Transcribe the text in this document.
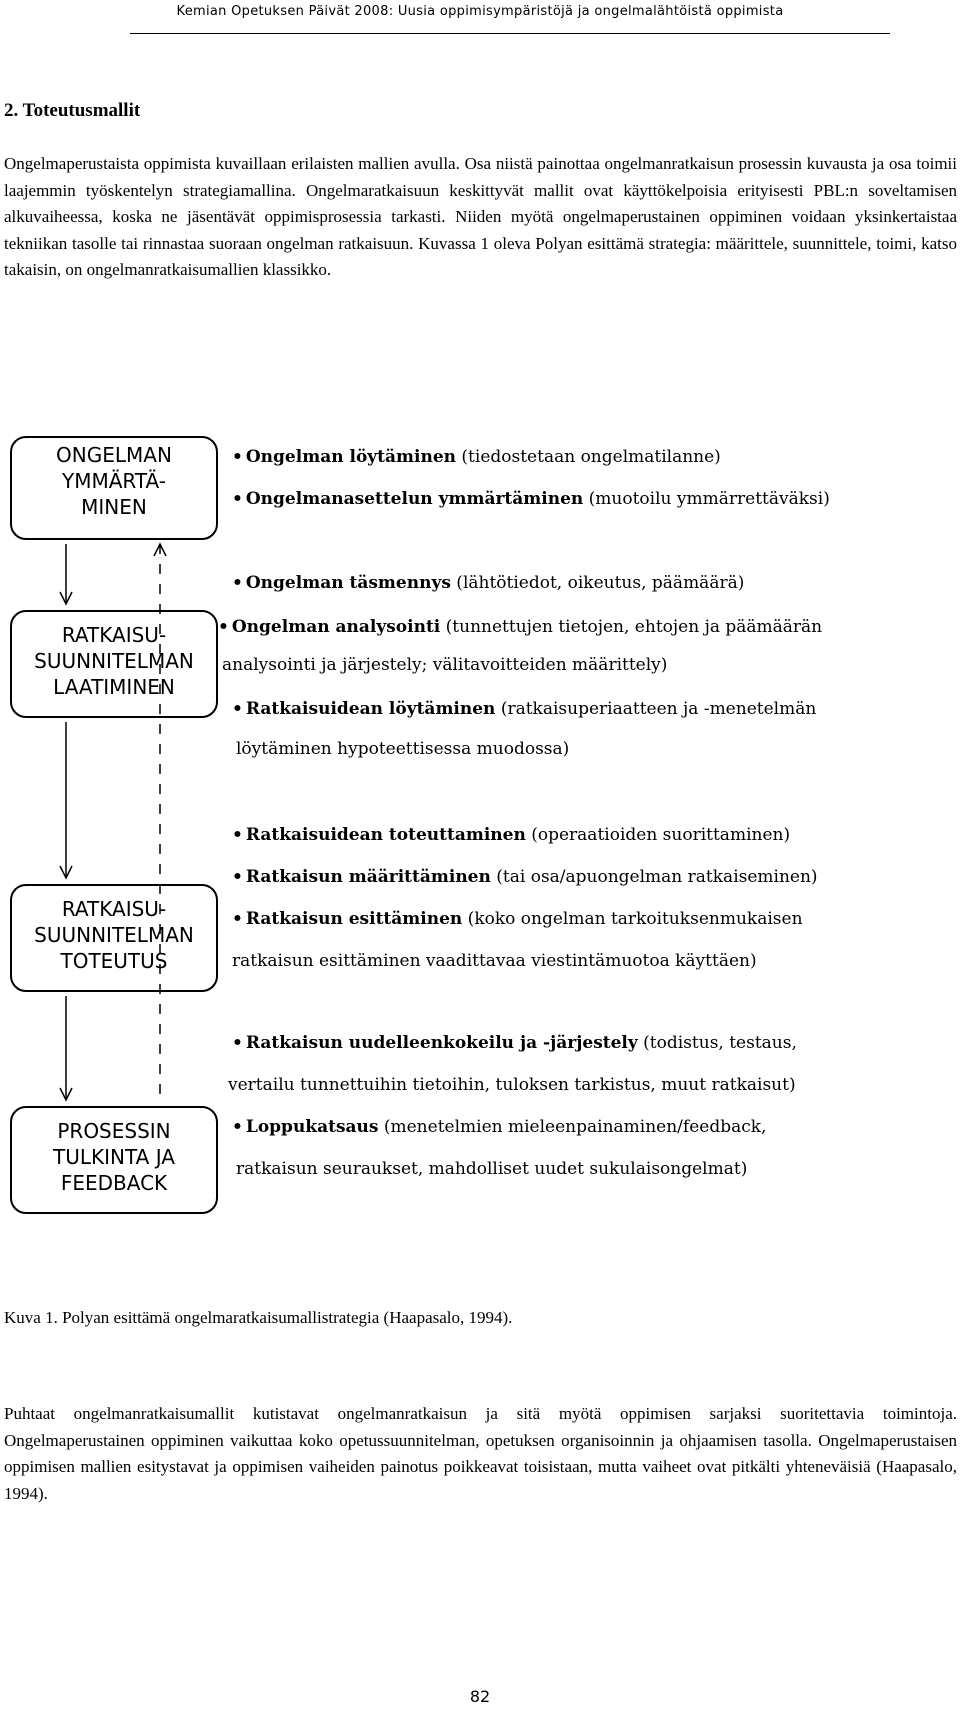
Kemian Opetuksen Päivät 2008: Uusia oppimisympäristöjä ja ongelmalähtöistä oppimista
2. Toteutusmallit
Ongelmaperustaista oppimista kuvaillaan erilaisten mallien avulla. Osa niistä painottaa ongelmanratkaisun prosessin kuvausta ja osa toimii laajemmin työskentelyn strategiamallina. Ongelmaratkaisuun keskittyvät mallit ovat käyttökelpoisia erityisesti PBL:n soveltamisen alkuvaiheessa, koska ne jäsentävät oppimisprosessia tarkasti. Niiden myötä ongelmaperustainen oppiminen voidaan yksinkertaistaa tekniikan tasolle tai rinnastaa suoraan ongelman ratkaisuun. Kuvassa 1 oleva Polyan esittämä strategia: määrittele, suunnittele, toimi, katso takaisin, on ongelmanratkaisumallien klassikko.
ONGELMAN
YMMÄRTÄ-
MINEN
RATKAISU-
SUUNNITELMAN
LAATIMINEN
RATKAISU-
SUUNNITELMAN
TOTEUTUS
PROSESSIN
TULKINTA JA
FEEDBACK
• Ongelman löytäminen (tiedostetaan ongelmatilanne)
• Ongelmanasettelun ymmärtäminen (muotoilu ymmärrettäväksi)
• Ongelman täsmennys (lähtötiedot, oikeutus, päämäärä)
• Ongelman analysointi (tunnettujen tietojen, ehtojen ja päämäärän
analysointi ja järjestely; välitavoitteiden määrittely)
• Ratkaisuidean löytäminen (ratkaisuperiaatteen ja -menetelmän
löytäminen hypoteettisessa muodossa)
• Ratkaisuidean toteuttaminen (operaatioiden suorittaminen)
• Ratkaisun määrittäminen (tai osa/apuongelman ratkaiseminen)
• Ratkaisun esittäminen (koko ongelman tarkoituksenmukaisen
ratkaisun esittäminen vaadittavaa viestintämuotoa käyttäen)
• Ratkaisun uudelleenkokeilu ja -järjestely (todistus, testaus,
vertailu tunnettuihin tietoihin, tuloksen tarkistus, muut ratkaisut)
• Loppukatsaus (menetelmien mieleenpainaminen/feedback,
ratkaisun seuraukset, mahdolliset uudet sukulaisongelmat)
Kuva 1. Polyan esittämä ongelmaratkaisumallistrategia (Haapasalo, 1994).
Puhtaat ongelmanratkaisumallit kutistavat ongelmanratkaisun ja sitä myötä oppimisen sarjaksi suoritettavia toimintoja. Ongelmaperustainen oppiminen vaikuttaa koko opetussuunnitelman, opetuksen organisoinnin ja ohjaamisen tasolla. Ongelmaperustaisen oppimisen mallien esitystavat ja oppimisen vaiheiden painotus poikkeavat toisistaan, mutta vaiheet ovat pitkälti yhteneväisiä (Haapasalo, 1994).
82
